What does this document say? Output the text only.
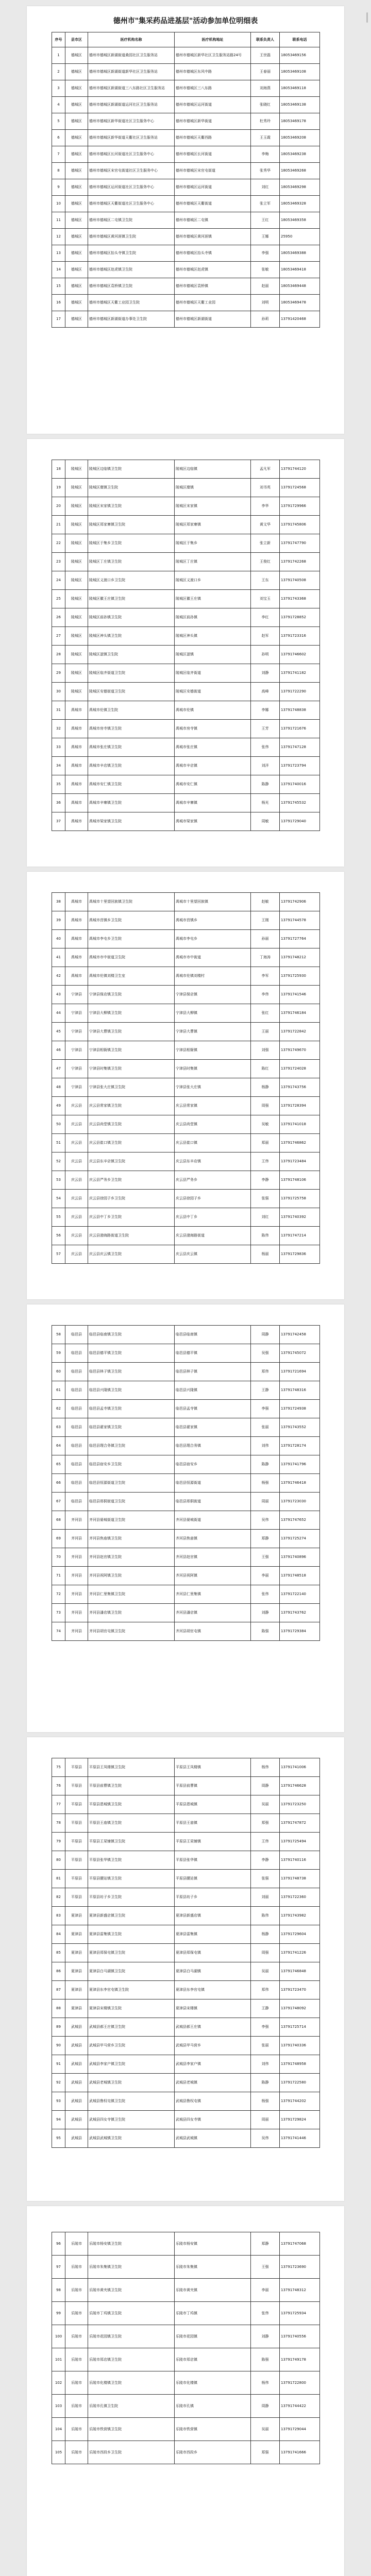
德州市"集采药品进基层"活动参加单位明细表
序号	县市区	医疗机构名称	医疗机构地址	联系负责人	联系电话
1	德城区	德州市德城区新湖街道桑园社区卫生服务站	德州市德城区新华社区卫生服务站路24号	王世磊	18053469156
2	德城区	德州市德城区新湖街道新华社区卫生服务站	德州市德城区东风中路	王春丽	18053469108
3	德城区	德州市德城区新湖街道三八东路社区卫生服务站	德州市德城区三八东路	刘海燕	18053469118
4	德城区	德州市德城区新湖街道运河社区卫生服务站	德州市德城区运河街道	张晓红	18053469138
5	德城区	德州市德城区新华街道社区卫生服务中心	德州市德城区新华街道	杜秀玲	18053469178
6	德城区	德州市德城区新华街道天衢社区卫生服务站	德州市德城区天衢西路	王玉霞	18053469208
7	德城区	德州市德城区长河街道社区卫生服务中心	德州市德城区长河街道	李梅	18053469238
8	德城区	德州市德城区宋官屯街道社区卫生服务中心	德州市德城区宋官屯街道	张秀华	18053469268
9	德城区	德州市德城区运河街道社区卫生服务中心	德州市德城区运河街道	刘红	18053469298
10	德城区	德州市德城区天衢街道社区卫生服务中心	德州市德城区天衢街道	张立军	18053469328
11	德城区	德州市德城区二屯镇卫生院	德州市德城区二屯镇	王红	18053469358
12	德城区	德州市德城区黄河涯镇卫生院	德州市德城区黄河涯镇	王娜	25950
13	德城区	德州市德城区抬头寺镇卫生院	德州市德城区抬头寺镇	李强	18053469388
14	德城区	德州市德城区赵虎镇卫生院	德州市德城区赵虎镇	张敏	18053469418
15	德城区	德州市德城区袁桥镇卫生院	德州市德城区袁桥镇	赵丽	18053469448
16	德城区	德州市德城区天衢工业园卫生院	德州市德城区天衢工业园	刘明	18053469478
17	德城区	德州市德城区新湖街道办事处卫生院	德州市德城区新湖街道	孙莉	13791420468
18	陵城区	陵城区边临镇卫生院	陵城区边临镇	孟凡军	13791744120
19	陵城区	陵城区糜镇卫生院	陵城区糜镇	刘书英	13791724568
20	陵城区	陵城区宋家镇卫生院	陵城区宋家镇	李华	13791729966
21	陵城区	陵城区郑家寨镇卫生院	陵城区郑家寨镇	黄文华	13791745806
22	陵城区	陵城区于集乡卫生院	陵城区于集乡	张立新	13791747790
23	陵城区	陵城区丁庄镇卫生院	陵城区丁庄镇	王俊红	13791742268
24	陵城区	陵城区义渡口乡卫生院	陵城区义渡口乡	王东	13791740508
25	陵城区	陵城区徽王庄镇卫生院	陵城区徽王庄镇	刘宝玉	13791743368
26	陵城区	陵城区前孙镇卫生院	陵城区前孙镇	李红	13791728852
27	陵城区	陵城区神头镇卫生院	陵城区神头镇	赵军	13791723316
28	陵城区	陵城区滋镇卫生院	陵城区滋镇	孙明	13791746602
29	陵城区	陵城区临齐街道卫生院	陵城区临齐街道	刘静	13791741182
30	陵城区	陵城区安德街道卫生院	陵城区安德街道	高峰	13791722290
31	禹城市	禹城市伦镇卫生院	禹城市伦镇	李娜	13791748838
32	禹城市	禹城市房寺镇卫生院	禹城市房寺镇	王芳	13791721676
33	禹城市	禹城市张庄镇卫生院	禹城市张庄镇	张伟	13791747128
34	禹城市	禹城市辛店镇卫生院	禹城市辛店镇	刘洋	13791723794
35	禹城市	禹城市安仁镇卫生院	禹城市安仁镇	陈静	13791740016
36	禹城市	禹城市辛寨镇卫生院	禹城市辛寨镇	杨光	13791745532
37	禹城市	禹城市梁家镇卫生院	禹城市梁家镇	周敏	13791729040
38	禹城市	禹城市十里望回族镇卫生院	禹城市十里望回族镇	赵敏	13791742906
39	禹城市	禹城市莒镇乡卫生院	禹城市莒镇乡	王刚	13791744578
40	禹城市	禹城市李屯乡卫生院	禹城市李屯乡	孙丽	13791727764
41	禹城市	禹城市市中街道卫生院	禹城市市中街道	丁海涛	13791748212
42	禹城市	禹城市伦镇刘楼卫生室	禹城市伦镇刘楼村	李军	13791725930
43	宁津县	宁津县保店镇卫生院	宁津县保店镇	李伟	13791741546
44	宁津县	宁津县大柳镇卫生院	宁津县大柳镇	张红	13791746184
45	宁津县	宁津县大曹镇卫生院	宁津县大曹镇	王丽	13791722842
46	宁津县	宁津县相衙镇卫生院	宁津县相衙镇	刘强	13791749670
47	宁津县	宁津县时集镇卫生院	宁津县时集镇	陈红	13791724028
48	宁津县	宁津县张大庄镇卫生院	宁津县张大庄镇	杨静	13791743756
49	庆云县	庆云县常家镇卫生院	庆云县常家镇	周强	13791728394
50	庆云县	庆云县尚堂镇卫生院	庆云县尚堂镇	吴敏	13791741018
51	庆云县	庆云县崔口镇卫生院	庆云县崔口镇	郑丽	13791746862
52	庆云县	庆云县东辛店镇卫生院	庆云县东辛店镇	王伟	13791723484
53	庆云县	庆云县严务乡卫生院	庆云县严务乡	李静	13791748106
54	庆云县	庆云县徐园子乡卫生院	庆云县徐园子乡	张强	13791725758
55	庆云县	庆云县中丁乡卫生院	庆云县中丁乡	刘红	13791740392
56	庆云县	庆云县渤海路街道卫生院	庆云县渤海路街道	陈伟	13791747214
57	庆云县	庆云县庆云镇卫生院	庆云县庆云镇	杨丽	13791729836
58	临邑县	临邑县临南镇卫生院	临邑县临南镇	周静	13791742458
59	临邑县	临邑县德平镇卫生院	临邑县德平镇	吴强	13791745072
60	临邑县	临邑县林子镇卫生院	临邑县林子镇	郑伟	13791721694
61	临邑县	临邑县兴隆镇卫生院	临邑县兴隆镇	王静	13791748316
62	临邑县	临邑县孟寺镇卫生院	临邑县孟寺镇	李强	13791724938
63	临邑县	临邑县翟家镇卫生院	临邑县翟家镇	张丽	13791743552
64	临邑县	临邑县理合务镇卫生院	临邑县理合务镇	刘伟	13791728174
65	临邑县	临邑县宿安乡卫生院	临邑县宿安乡	陈静	13791741796
66	临邑县	临邑县恒源街道卫生院	临邑县恒源街道	杨强	13791746418
67	临邑县	临邑县邢侗街道卫生院	临邑县邢侗街道	周丽	13791723030
68	齐河县	齐河县晏城街道卫生院	齐河县晏城街道	吴伟	13791747652
69	齐河县	齐河县焦庙镇卫生院	齐河县焦庙镇	郑静	13791725274
70	齐河县	齐河县赵官镇卫生院	齐河县赵官镇	王强	13791740896
71	齐河县	齐河县祝阿镇卫生院	齐河县祝阿镇	李丽	13791748518
72	齐河县	齐河县仁里集镇卫生院	齐河县仁里集镇	张伟	13791722140
73	齐河县	齐河县潘店镇卫生院	齐河县潘店镇	刘静	13791743762
74	齐河县	齐河县胡官屯镇卫生院	齐河县胡官屯镇	陈强	13791729384
75	平原县	平原县王凤楼镇卫生院	平原县王凤楼镇	杨伟	13791741006
76	平原县	平原县前曹镇卫生院	平原县前曹镇	周静	13791746628
77	平原县	平原县恩城镇卫生院	平原县恩城镇	吴丽	13791723250
78	平原县	平原县王庙镇卫生院	平原县王庙镇	郑强	13791747872
79	平原县	平原县王杲铺镇卫生院	平原县王杲铺镇	王伟	13791725494
80	平原县	平原县张华镇卫生院	平原县张华镇	李静	13791740116
81	平原县	平原县腰站镇卫生院	平原县腰站镇	张强	13791748738
82	平原县	平原县坊子乡卫生院	平原县坊子乡	刘丽	13791722360
83	夏津县	夏津县新盛店镇卫生院	夏津县新盛店镇	陈伟	13791743982
84	夏津县	夏津县雷集镇卫生院	夏津县雷集镇	杨静	13791729604
85	夏津县	夏津县郑保屯镇卫生院	夏津县郑保屯镇	周强	13791741226
86	夏津县	夏津县白马湖镇卫生院	夏津县白马湖镇	吴丽	13791746848
87	夏津县	夏津县东李官屯镇卫生院	夏津县东李官屯镇	郑伟	13791723470
88	夏津县	夏津县宋楼镇卫生院	夏津县宋楼镇	王静	13791748092
89	武城县	武城县郝王庄镇卫生院	武城县郝王庄镇	李强	13791725714
90	武城县	武城县甲马营乡卫生院	武城县甲马营乡	张丽	13791740336
91	武城县	武城县李家户镇卫生院	武城县李家户镇	刘伟	13791748958
92	武城县	武城县老城镇卫生院	武城县老城镇	陈静	13791722580
93	武城县	武城县鲁权屯镇卫生院	武城县鲁权屯镇	杨强	13791744202
94	武城县	武城县四女寺镇卫生院	武城县四女寺镇	周丽	13791729824
95	武城县	武城县武城镇卫生院	武城县武城镇	吴伟	13791741446
96	乐陵市	乐陵市杨安镇卫生院	乐陵市杨安镇	郑静	13791747068
97	乐陵市	乐陵市朱集镇卫生院	乐陵市朱集镇	王强	13791723690
98	乐陵市	乐陵市黄夹镇卫生院	乐陵市黄夹镇	李丽	13791748312
99	乐陵市	乐陵市丁坞镇卫生院	乐陵市丁坞镇	张伟	13791725934
100	乐陵市	乐陵市花园镇卫生院	乐陵市花园镇	刘静	13791740556
101	乐陵市	乐陵市郑店镇卫生院	乐陵市郑店镇	陈强	13791749178
102	乐陵市	乐陵市化楼镇卫生院	乐陵市化楼镇	杨伟	13791722800
103	乐陵市	乐陵市孔镇卫生院	乐陵市孔镇	周静	13791744422
104	乐陵市	乐陵市铁营镇卫生院	乐陵市铁营镇	吴丽	13791729044
105	乐陵市	乐陵市西段乡卫生院	乐陵市西段乡	郑强	13791741666
